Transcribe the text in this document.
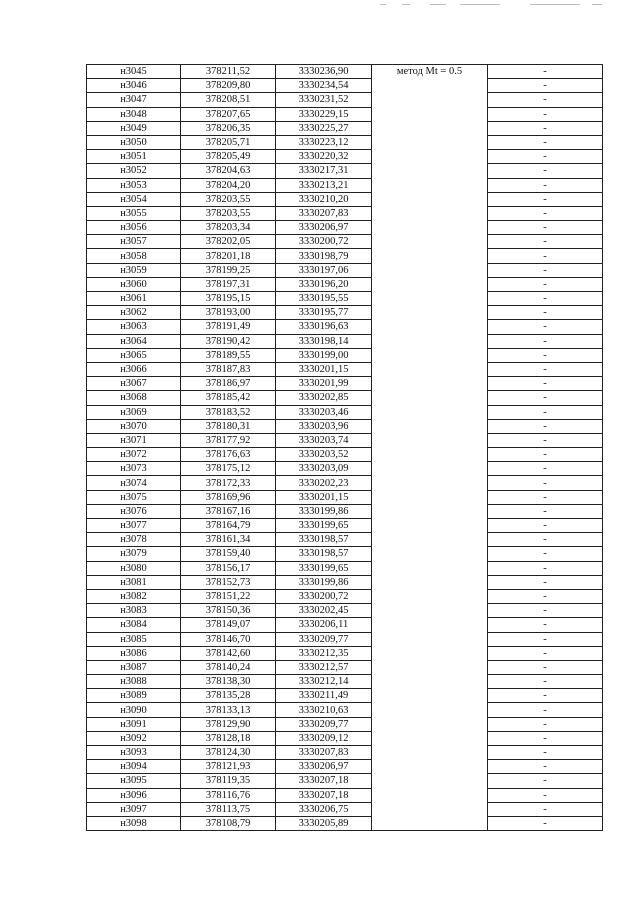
н3045	378211,52	3330236,90	метод Mt = 0.5	-
н3046	378209,80	3330234,54		-
н3047	378208,51	3330231,52		-
н3048	378207,65	3330229,15		-
н3049	378206,35	3330225,27		-
н3050	378205,71	3330223,12		-
н3051	378205,49	3330220,32		-
н3052	378204,63	3330217,31		-
н3053	378204,20	3330213,21		-
н3054	378203,55	3330210,20		-
н3055	378203,55	3330207,83		-
н3056	378203,34	3330206,97		-
н3057	378202,05	3330200,72		-
н3058	378201,18	3330198,79		-
н3059	378199,25	3330197,06		-
н3060	378197,31	3330196,20		-
н3061	378195,15	3330195,55		-
н3062	378193,00	3330195,77		-
н3063	378191,49	3330196,63		-
н3064	378190,42	3330198,14		-
н3065	378189,55	3330199,00		-
н3066	378187,83	3330201,15		-
н3067	378186,97	3330201,99		-
н3068	378185,42	3330202,85		-
н3069	378183,52	3330203,46		-
н3070	378180,31	3330203,96		-
н3071	378177,92	3330203,74		-
н3072	378176,63	3330203,52		-
н3073	378175,12	3330203,09		-
н3074	378172,33	3330202,23		-
н3075	378169,96	3330201,15		-
н3076	378167,16	3330199,86		-
н3077	378164,79	3330199,65		-
н3078	378161,34	3330198,57		-
н3079	378159,40	3330198,57		-
н3080	378156,17	3330199,65		-
н3081	378152,73	3330199,86		-
н3082	378151,22	3330200,72		-
н3083	378150,36	3330202,45		-
н3084	378149,07	3330206,11		-
н3085	378146,70	3330209,77		-
н3086	378142,60	3330212,35		-
н3087	378140,24	3330212,57		-
н3088	378138,30	3330212,14		-
н3089	378135,28	3330211,49		-
н3090	378133,13	3330210,63		-
н3091	378129,90	3330209,77		-
н3092	378128,18	3330209,12		-
н3093	378124,30	3330207,83		-
н3094	378121,93	3330206,97		-
н3095	378119,35	3330207,18		-
н3096	378116,76	3330207,18		-
н3097	378113,75	3330206,75		-
н3098	378108,79	3330205,89		-
